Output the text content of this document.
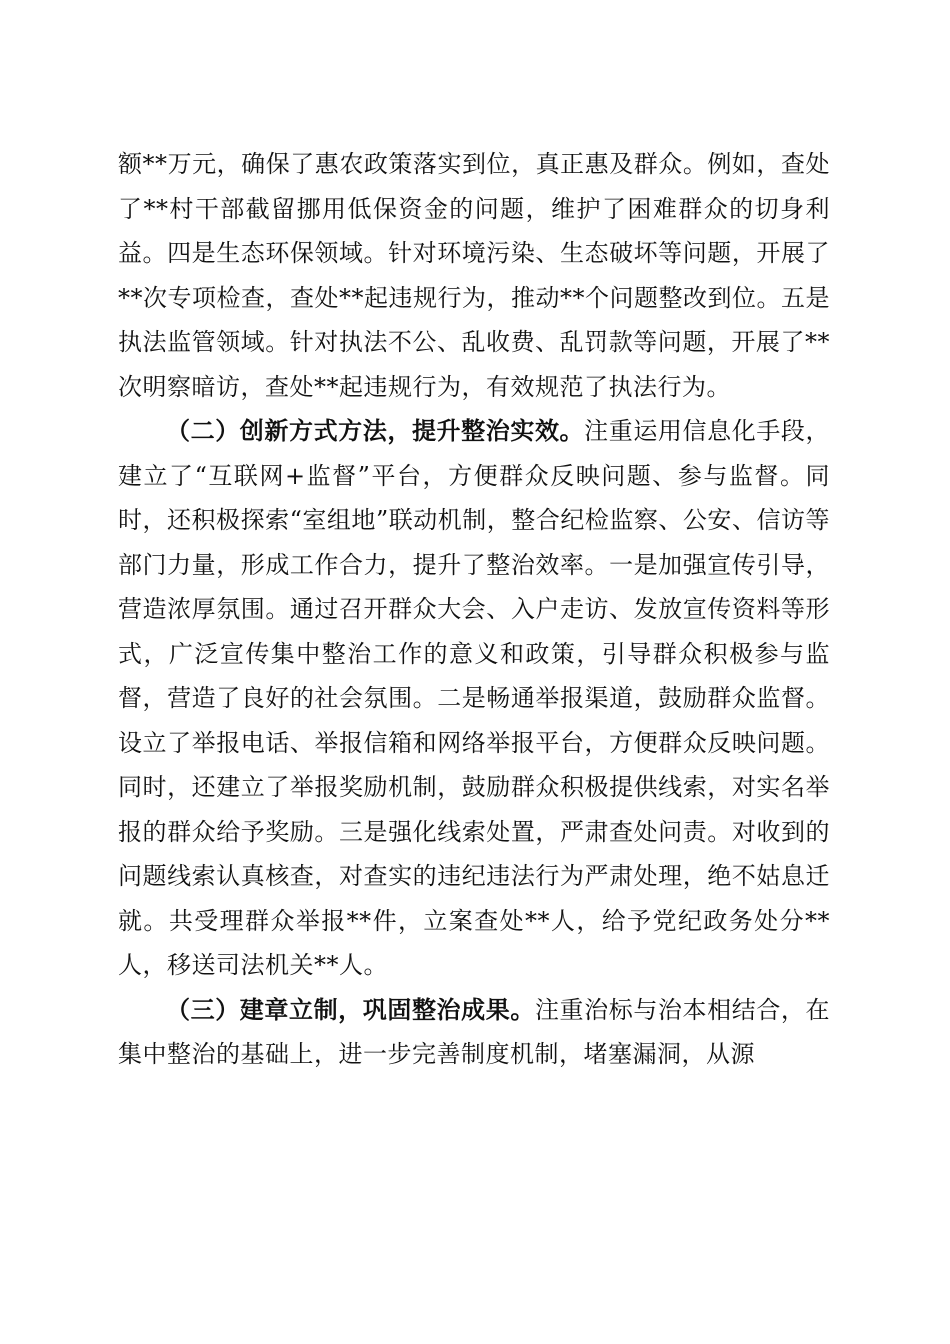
额**万元，确保了惠农政策落实到位，真正惠及群众。例如，查处了**村干部截留挪用低保资金的问题，维护了困难群众的切身利益。四是生态环保领域。针对环境污染、生态破坏等问题，开展了**次专项检查，查处**起违规行为，推动**个问题整改到位。五是执法监管领域。针对执法不公、乱收费、乱罚款等问题，开展了**次明察暗访，查处**起违规行为，有效规范了执法行为。

（二）创新方式方法，提升整治实效。注重运用信息化手段，建立了“互联网+监督”平台，方便群众反映问题、参与监督。同时，还积极探索“室组地”联动机制，整合纪检监察、公安、信访等部门力量，形成工作合力，提升了整治效率。一是加强宣传引导，营造浓厚氛围。通过召开群众大会、入户走访、发放宣传资料等形式，广泛宣传集中整治工作的意义和政策，引导群众积极参与监督，营造了良好的社会氛围。二是畅通举报渠道，鼓励群众监督。设立了举报电话、举报信箱和网络举报平台，方便群众反映问题。同时，还建立了举报奖励机制，鼓励群众积极提供线索，对实名举报的群众给予奖励。三是强化线索处置，严肃查处问责。对收到的问题线索认真核查，对查实的违纪违法行为严肃处理，绝不姑息迁就。共受理群众举报**件，立案查处**人，给予党纪政务处分**人，移送司法机关**人。

（三）建章立制，巩固整治成果。注重治标与治本相结合，在集中整治的基础上，进一步完善制度机制，堵塞漏洞，从源
